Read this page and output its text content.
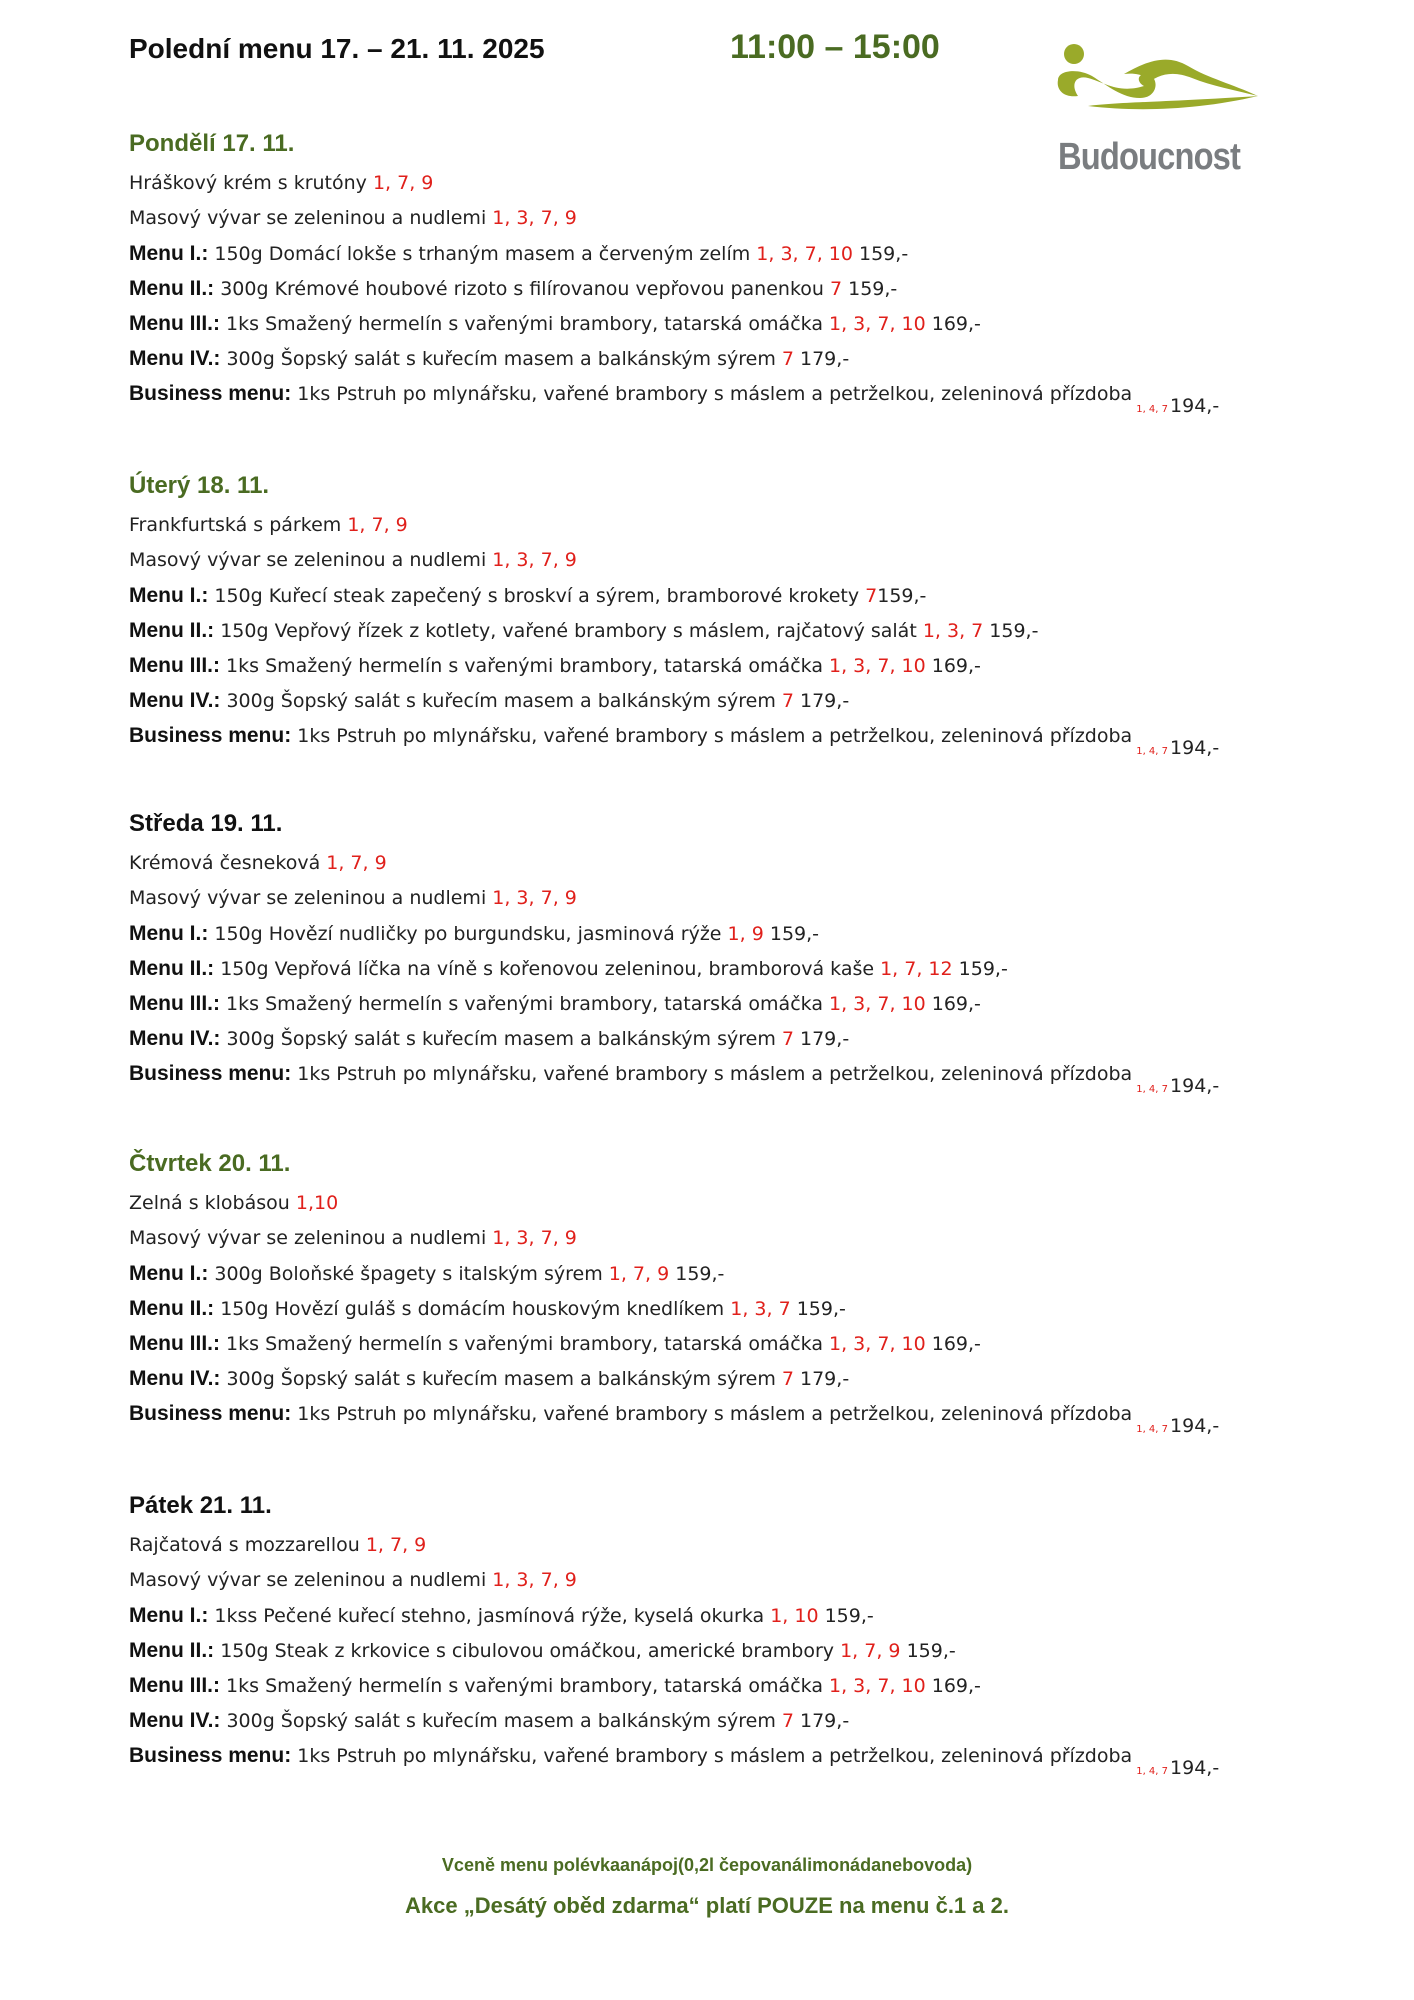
Polední menu 17. – 21. 11. 2025	11:00 – 15:00
Budoucnost
Pondělí 17. 11.
Hráškový krém s krutóny 1, 7, 9
Masový vývar se zeleninou a nudlemi 1, 3, 7, 9
Menu I.: 150g Domácí lokše s trhaným masem a červeným zelím 1, 3, 7, 10 159,-
Menu II.: 300g Krémové houbové rizoto s filírovanou vepřovou panenkou 7 159,-
Menu III.: 1ks Smažený hermelín s vařenými brambory, tatarská omáčka 1, 3, 7, 10 169,-
Menu IV.: 300g Šopský salát s kuřecím masem a balkánským sýrem 7 179,-
Business menu: 1ks Pstruh po mlynářsku, vařené brambory s máslem a petrželkou, zeleninová přízdoba$_{1, 4, 7}$ 194,-
Úterý 18. 11.
Frankfurtská s párkem 1, 7, 9
Masový vývar se zeleninou a nudlemi 1, 3, 7, 9
Menu I.: 150g Kuřecí steak zapečený s broskví a sýrem, bramborové krokety 7159,-
Menu II.: 150g Vepřový řízek z kotlety, vařené brambory s máslem, rajčatový salát 1, 3, 7 159,-
Menu III.: 1ks Smažený hermelín s vařenými brambory, tatarská omáčka 1, 3, 7, 10 169,-
Menu IV.: 300g Šopský salát s kuřecím masem a balkánským sýrem 7 179,-
Business menu: 1ks Pstruh po mlynářsku, vařené brambory s máslem a petrželkou, zeleninová přízdoba$_{1, 4, 7}$ 194,-
Středa 19. 11.
Krémová česneková 1, 7, 9
Masový vývar se zeleninou a nudlemi 1, 3, 7, 9
Menu I.: 150g Hovězí nudličky po burgundsku, jasminová rýže 1, 9 159,-
Menu II.: 150g Vepřová líčka na víně s kořenovou zeleninou, bramborová kaše 1, 7, 12 159,-
Menu III.: 1ks Smažený hermelín s vařenými brambory, tatarská omáčka 1, 3, 7, 10 169,-
Menu IV.: 300g Šopský salát s kuřecím masem a balkánským sýrem 7 179,-
Business menu: 1ks Pstruh po mlynářsku, vařené brambory s máslem a petrželkou, zeleninová přízdoba$_{1, 4, 7}$ 194,-
Čtvrtek 20. 11.
Zelná s klobásou 1,10
Masový vývar se zeleninou a nudlemi 1, 3, 7, 9
Menu I.: 300g Boloňské špagety s italským sýrem 1, 7, 9 159,-
Menu II.: 150g Hovězí guláš s domácím houskovým knedlíkem 1, 3, 7 159,-
Menu III.: 1ks Smažený hermelín s vařenými brambory, tatarská omáčka 1, 3, 7, 10 169,-
Menu IV.: 300g Šopský salát s kuřecím masem a balkánským sýrem 7 179,-
Business menu: 1ks Pstruh po mlynářsku, vařené brambory s máslem a petrželkou, zeleninová přízdoba$_{1, 4, 7}$ 194,-
Pátek 21. 11.
Rajčatová s mozzarellou 1, 7, 9
Masový vývar se zeleninou a nudlemi 1, 3, 7, 9
Menu I.: 1kss Pečené kuřecí stehno, jasmínová rýže, kyselá okurka 1, 10 159,-
Menu II.: 150g Steak z krkovice s cibulovou omáčkou, americké brambory 1, 7, 9 159,-
Menu III.: 1ks Smažený hermelín s vařenými brambory, tatarská omáčka 1, 3, 7, 10 169,-
Menu IV.: 300g Šopský salát s kuřecím masem a balkánským sýrem 7 179,-
Business menu: 1ks Pstruh po mlynářsku, vařené brambory s máslem a petrželkou, zeleninová přízdoba$_{1, 4, 7}$ 194,-
Vceně menu polévkaanápoj(0,2l čepovanálimonádanebovoda)
Akce „Desátý oběd zdarma“ platí POUZE na menu č.1 a 2.
